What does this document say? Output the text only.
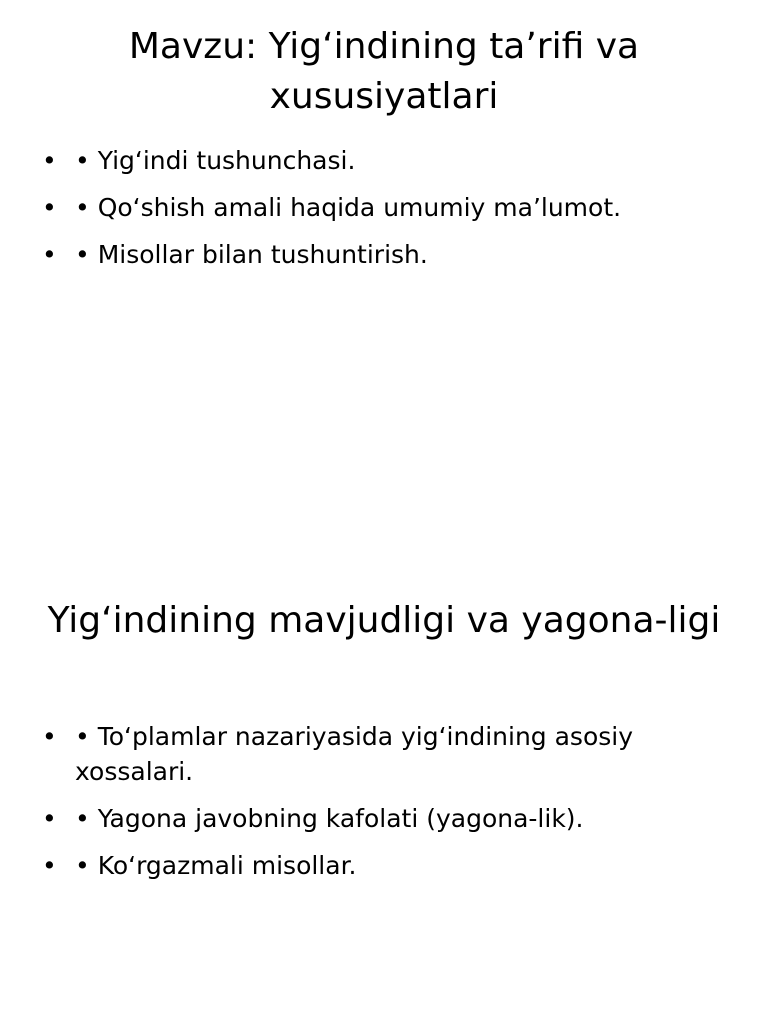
Mavzu: Yig‘indining ta’rifi va xususiyatlari
• • Yig‘indi tushunchasi.
• • Qo‘shish amali haqida umumiy ma’lumot.
• • Misollar bilan tushuntirish.
Yig‘indining mavjudligi va yagona-ligi
• • To‘plamlar nazariyasida yig‘indining asosiy xossalari.
• • Yagona javobning kafolati (yagona-lik).
• • Ko‘rgazmali misollar.
